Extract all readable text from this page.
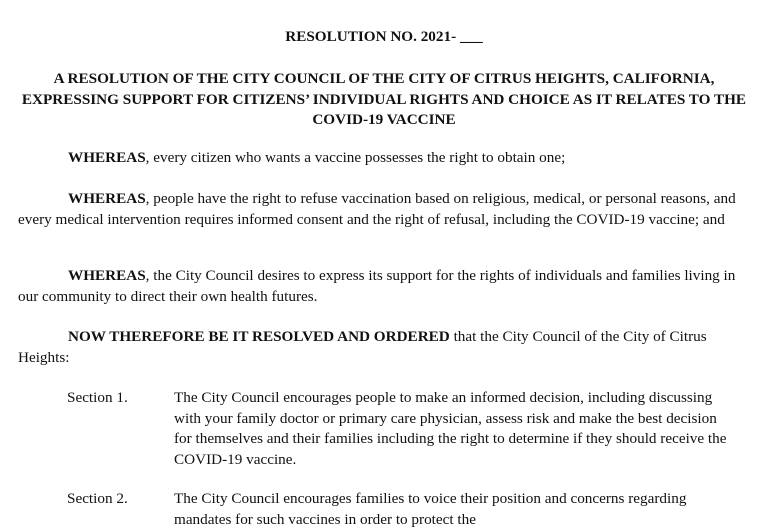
RESOLUTION NO. 2021- ___
A RESOLUTION OF THE CITY COUNCIL OF THE CITY OF CITRUS HEIGHTS, CALIFORNIA, EXPRESSING SUPPORT FOR CITIZENS’ INDIVIDUAL RIGHTS AND CHOICE AS IT RELATES TO THE COVID-19 VACCINE
WHEREAS, every citizen who wants a vaccine possesses the right to obtain one;
WHEREAS, people have the right to refuse vaccination based on religious, medical, or personal reasons, and every medical intervention requires informed consent and the right of refusal, including the COVID-19 vaccine; and
WHEREAS, the City Council desires to express its support for the rights of individuals and families living in our community to direct their own health futures.
NOW THEREFORE BE IT RESOLVED AND ORDERED that the City Council of the City of Citrus Heights:
Section 1.	The City Council encourages people to make an informed decision, including discussing with your family doctor or primary care physician, assess risk and make the best decision for themselves and their families including the right to determine if they should receive the COVID-19 vaccine.
Section 2.	The City Council encourages families to voice their position and concerns regarding mandates for such vaccines in order to protect the
